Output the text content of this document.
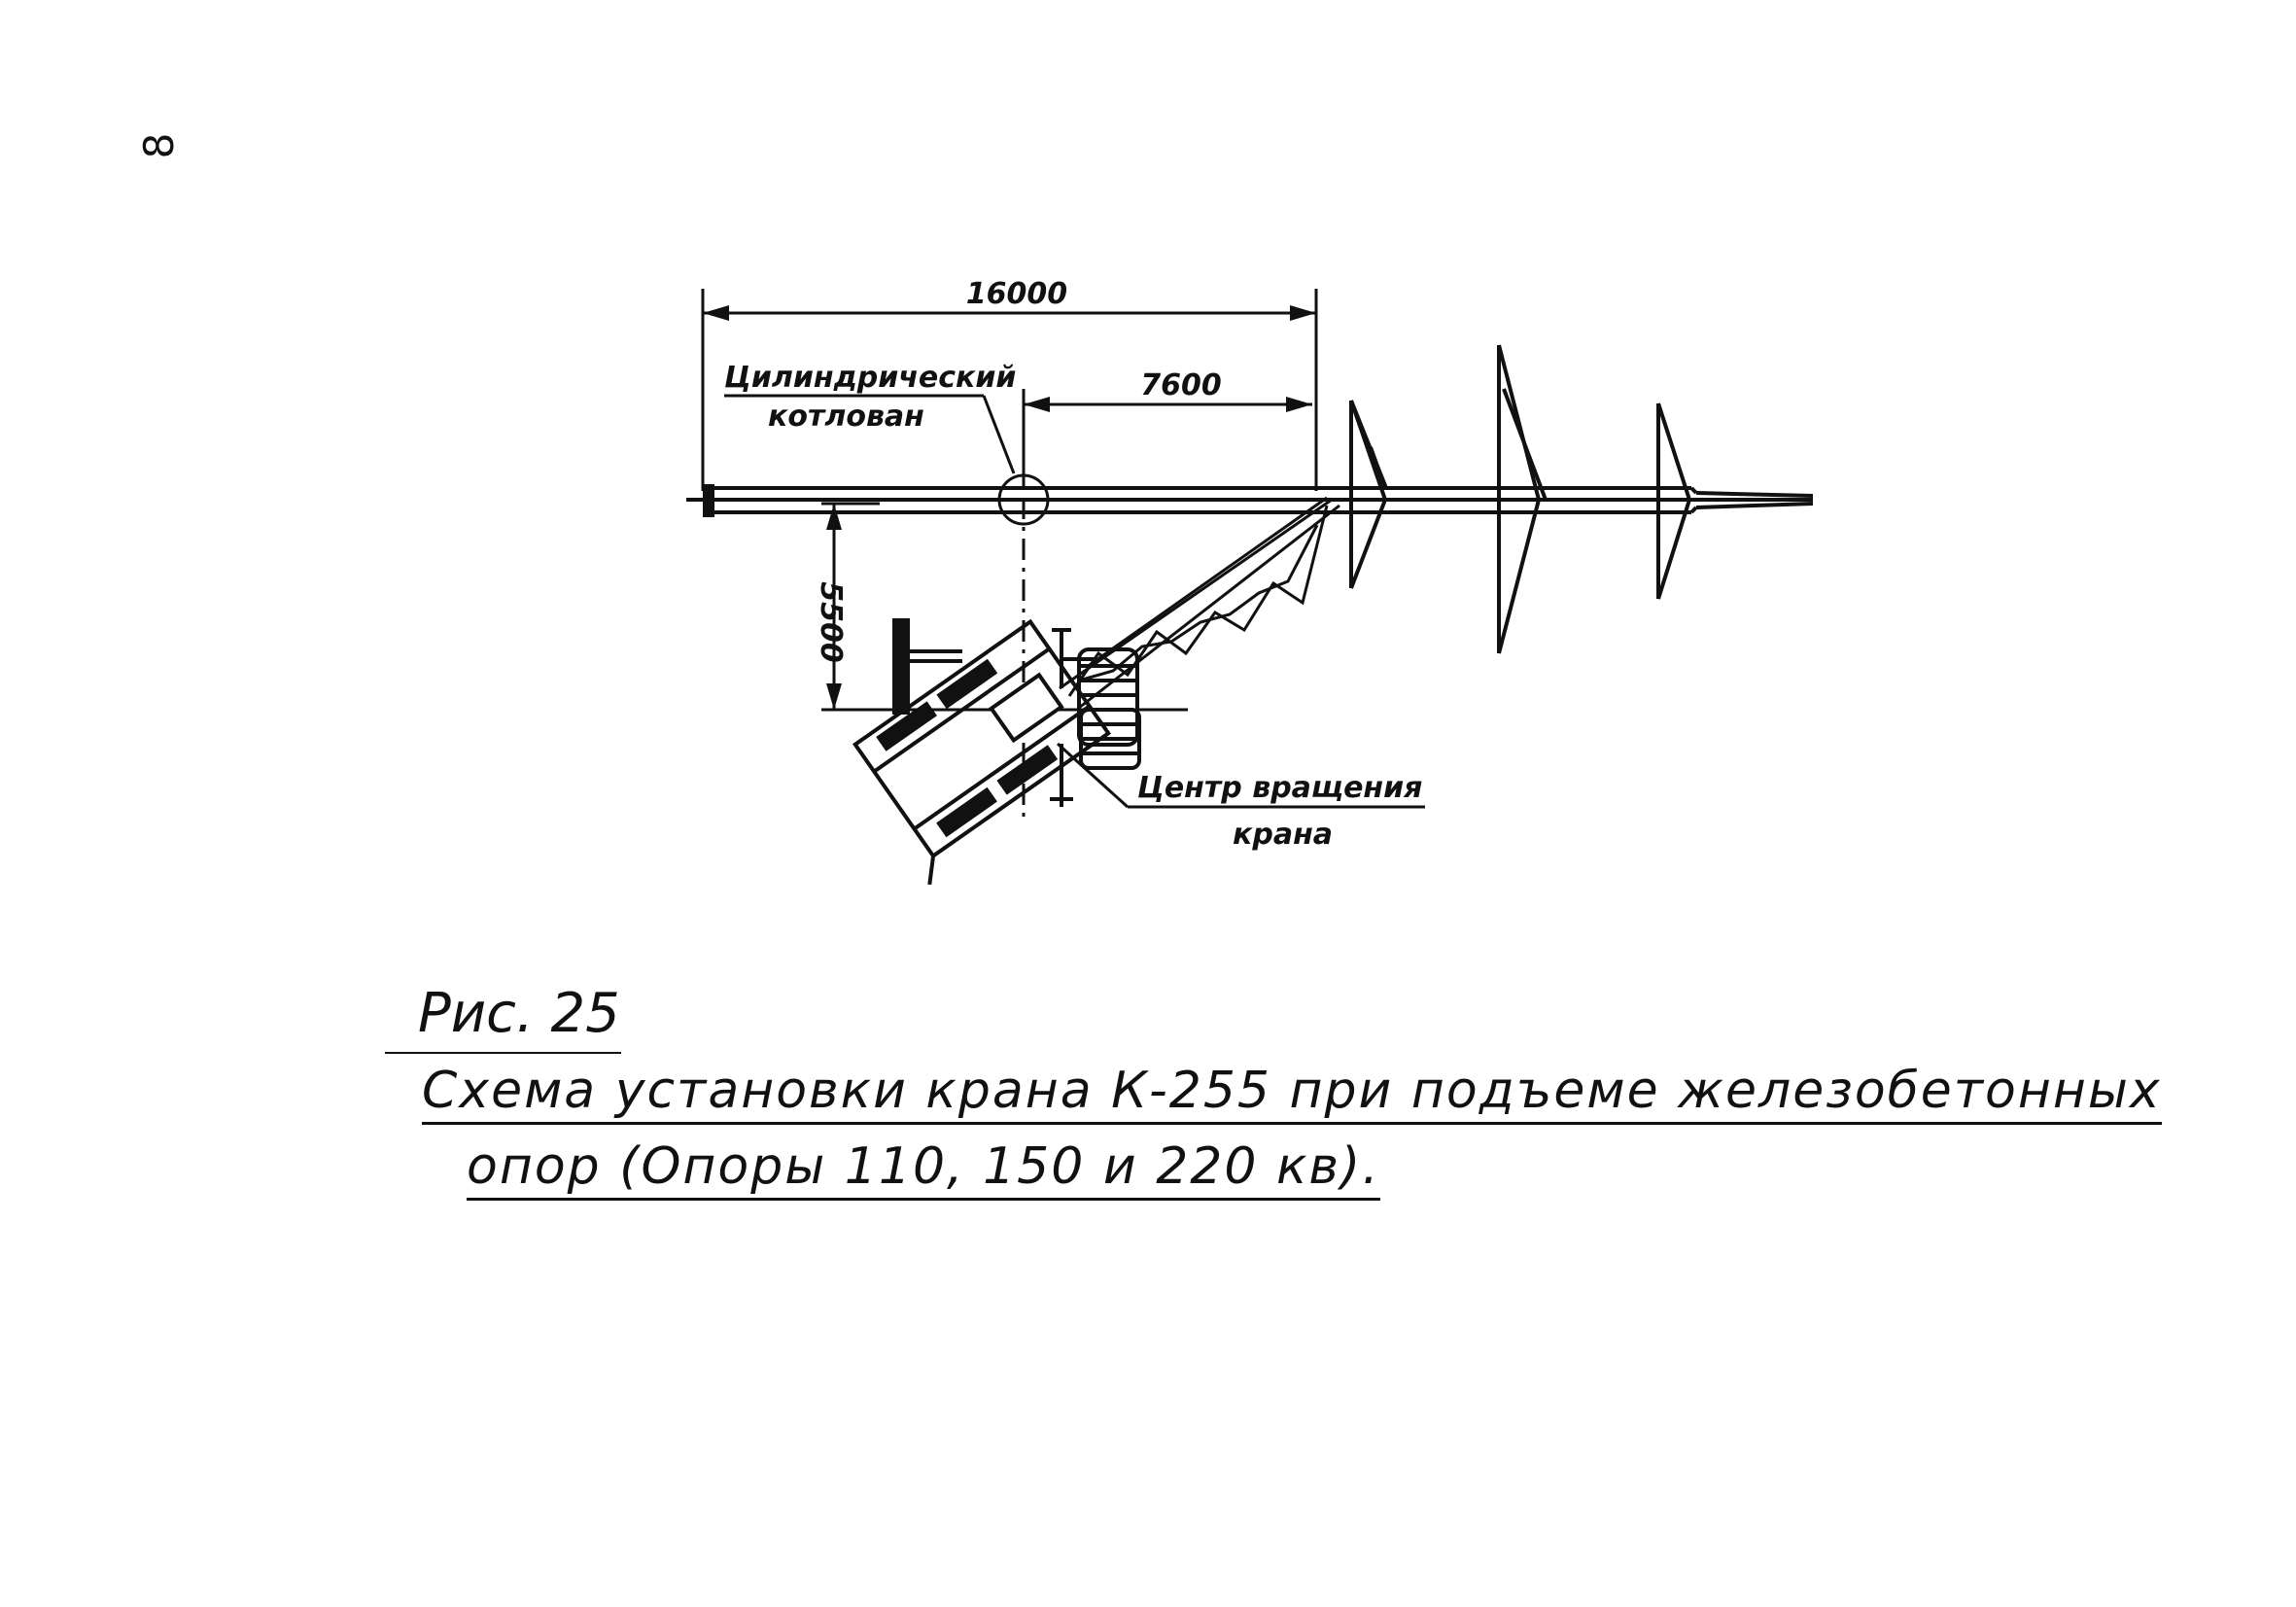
8
16000
7600
5500
Цилиндрический
котлован
Центр вращения
крана

Рис. 25

Схема установки крана К-255 при подъеме железобетонных

опор (Опоры 110, 150 и 220 кв).
